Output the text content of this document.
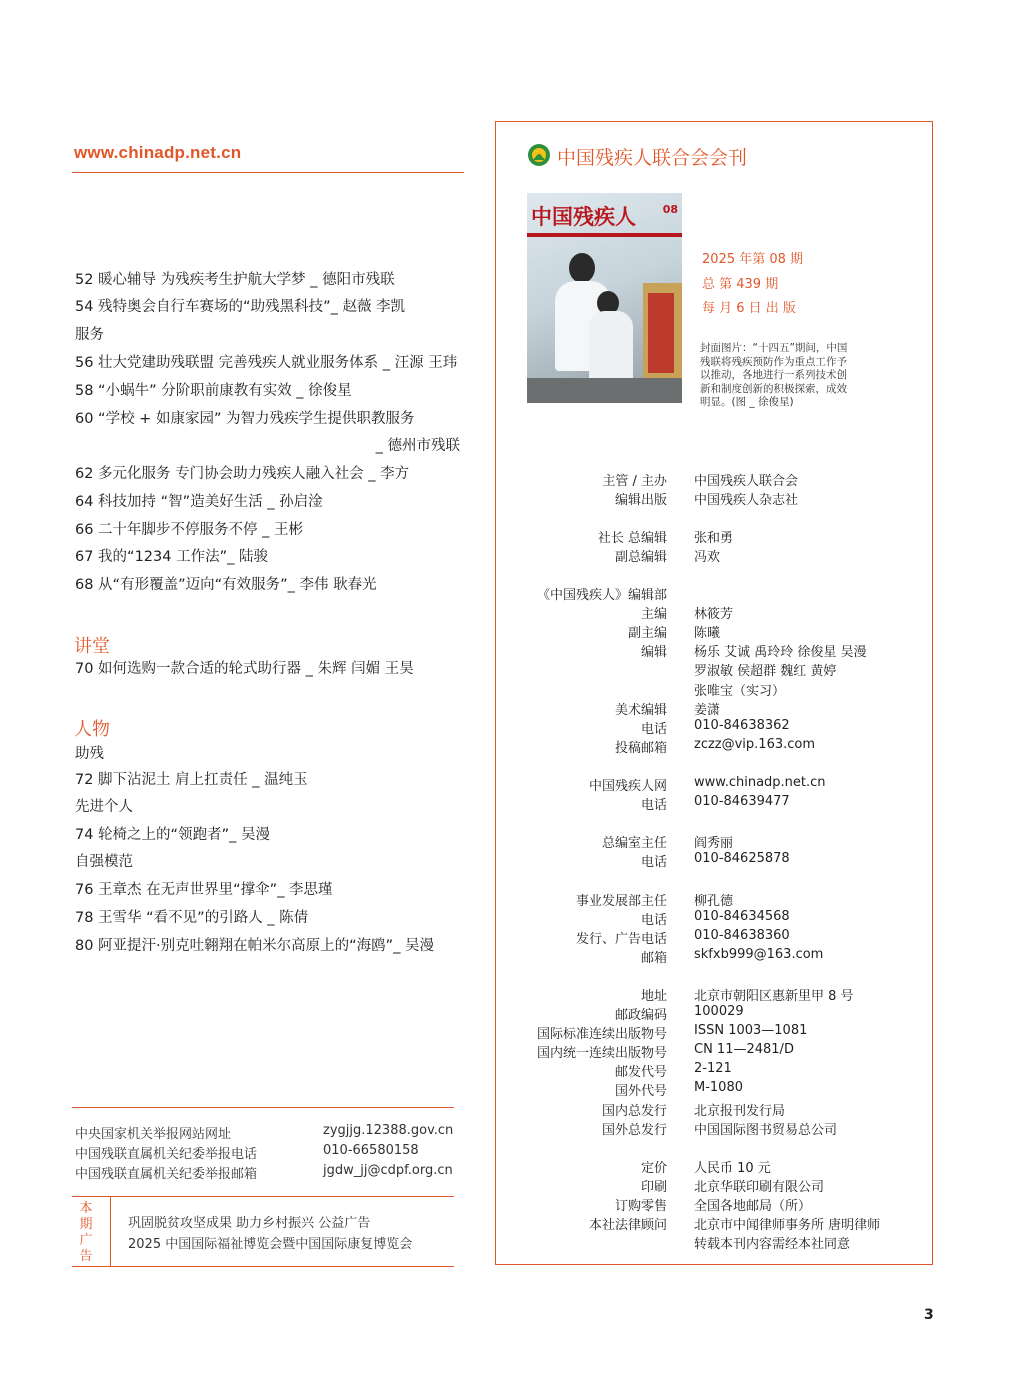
www.chinadp.net.cn
52 暖心辅导 为残疾考生护航大学梦 _ 德阳市残联
54 残特奥会自行车赛场的“助残黑科技”_ 赵薇 李凯
服务
56 壮大党建助残联盟 完善残疾人就业服务体系 _ 汪源 王玮
58 “小蜗牛” 分阶职前康教有实效 _ 徐俊星
60 “学校 + 如康家园” 为智力残疾学生提供职教服务
_ 德州市残联
62 多元化服务 专门协会助力残疾人融入社会 _ 李方
64 科技加持 “智”造美好生活 _ 孙启淦
66 二十年脚步不停服务不停 _ 王彬
67 我的“1234 工作法”_ 陆骏
68 从“有形覆盖”迈向“有效服务”_ 李伟 耿春光
讲堂
70 如何选购一款合适的轮式助行器 _ 朱辉 闫媚 王昊
人物
助残
72 脚下沾泥土 肩上扛责任 _ 温纯玉
先进个人
74 轮椅之上的“领跑者”_ 吴漫
自强模范
76 王章杰 在无声世界里“撑伞”_ 李思瑾
78 王雪华 “看不见”的引路人 _ 陈倩
80 阿亚提汗·别克吐翱翔在帕米尔高原上的“海鸥”_ 吴漫
中央国家机关举报网站网址	zygjjg.12388.gov.cn
中国残联直属机关纪委举报电话	010-66580158
中国残联直属机关纪委举报邮箱	jgdw_jj@cdpf.org.cn
本期广告
巩固脱贫攻坚成果 助力乡村振兴 公益广告
2025 中国国际福祉博览会暨中国国际康复博览会
中国残疾人联合会会刊
中国残疾人 08
2025 年第 08 期
总 第 439 期
每 月 6 日 出 版
封面图片：“十四五”期间，中国残联将残疾预防作为重点工作予以推动，各地进行一系列技术创新和制度创新的积极探索，成效明显。(图 _ 徐俊星)
主管 / 主办 中国残疾人联合会
编辑出版 中国残疾人杂志社
社长 总编辑 张和勇
副总编辑 冯欢
《中国残疾人》编辑部
主编 林筱芳
副主编 陈曦
编辑 杨乐 艾诚 禹玲玲 徐俊星 吴漫
罗淑敏 侯超群 魏红 黄婷
张唯宝（实习）
美术编辑 姜潇
电话 010-84638362
投稿邮箱 zczz@vip.163.com
中国残疾人网 www.chinadp.net.cn
电话 010-84639477
总编室主任 阎秀丽
电话 010-84625878
事业发展部主任 柳孔德
电话 010-84634568
发行、广告电话 010-84638360
邮箱 skfxb999@163.com
地址 北京市朝阳区惠新里甲 8 号
邮政编码 100029
国际标准连续出版物号 ISSN 1003—1081
国内统一连续出版物号 CN 11—2481/D
邮发代号 2-121
国外代号 M-1080
国内总发行 北京报刊发行局
国外总发行 中国国际图书贸易总公司
定价 人民币 10 元
印刷 北京华联印刷有限公司
订购零售 全国各地邮局（所）
本社法律顾问 北京市中闻律师事务所 唐明律师
转载本刊内容需经本社同意
3
